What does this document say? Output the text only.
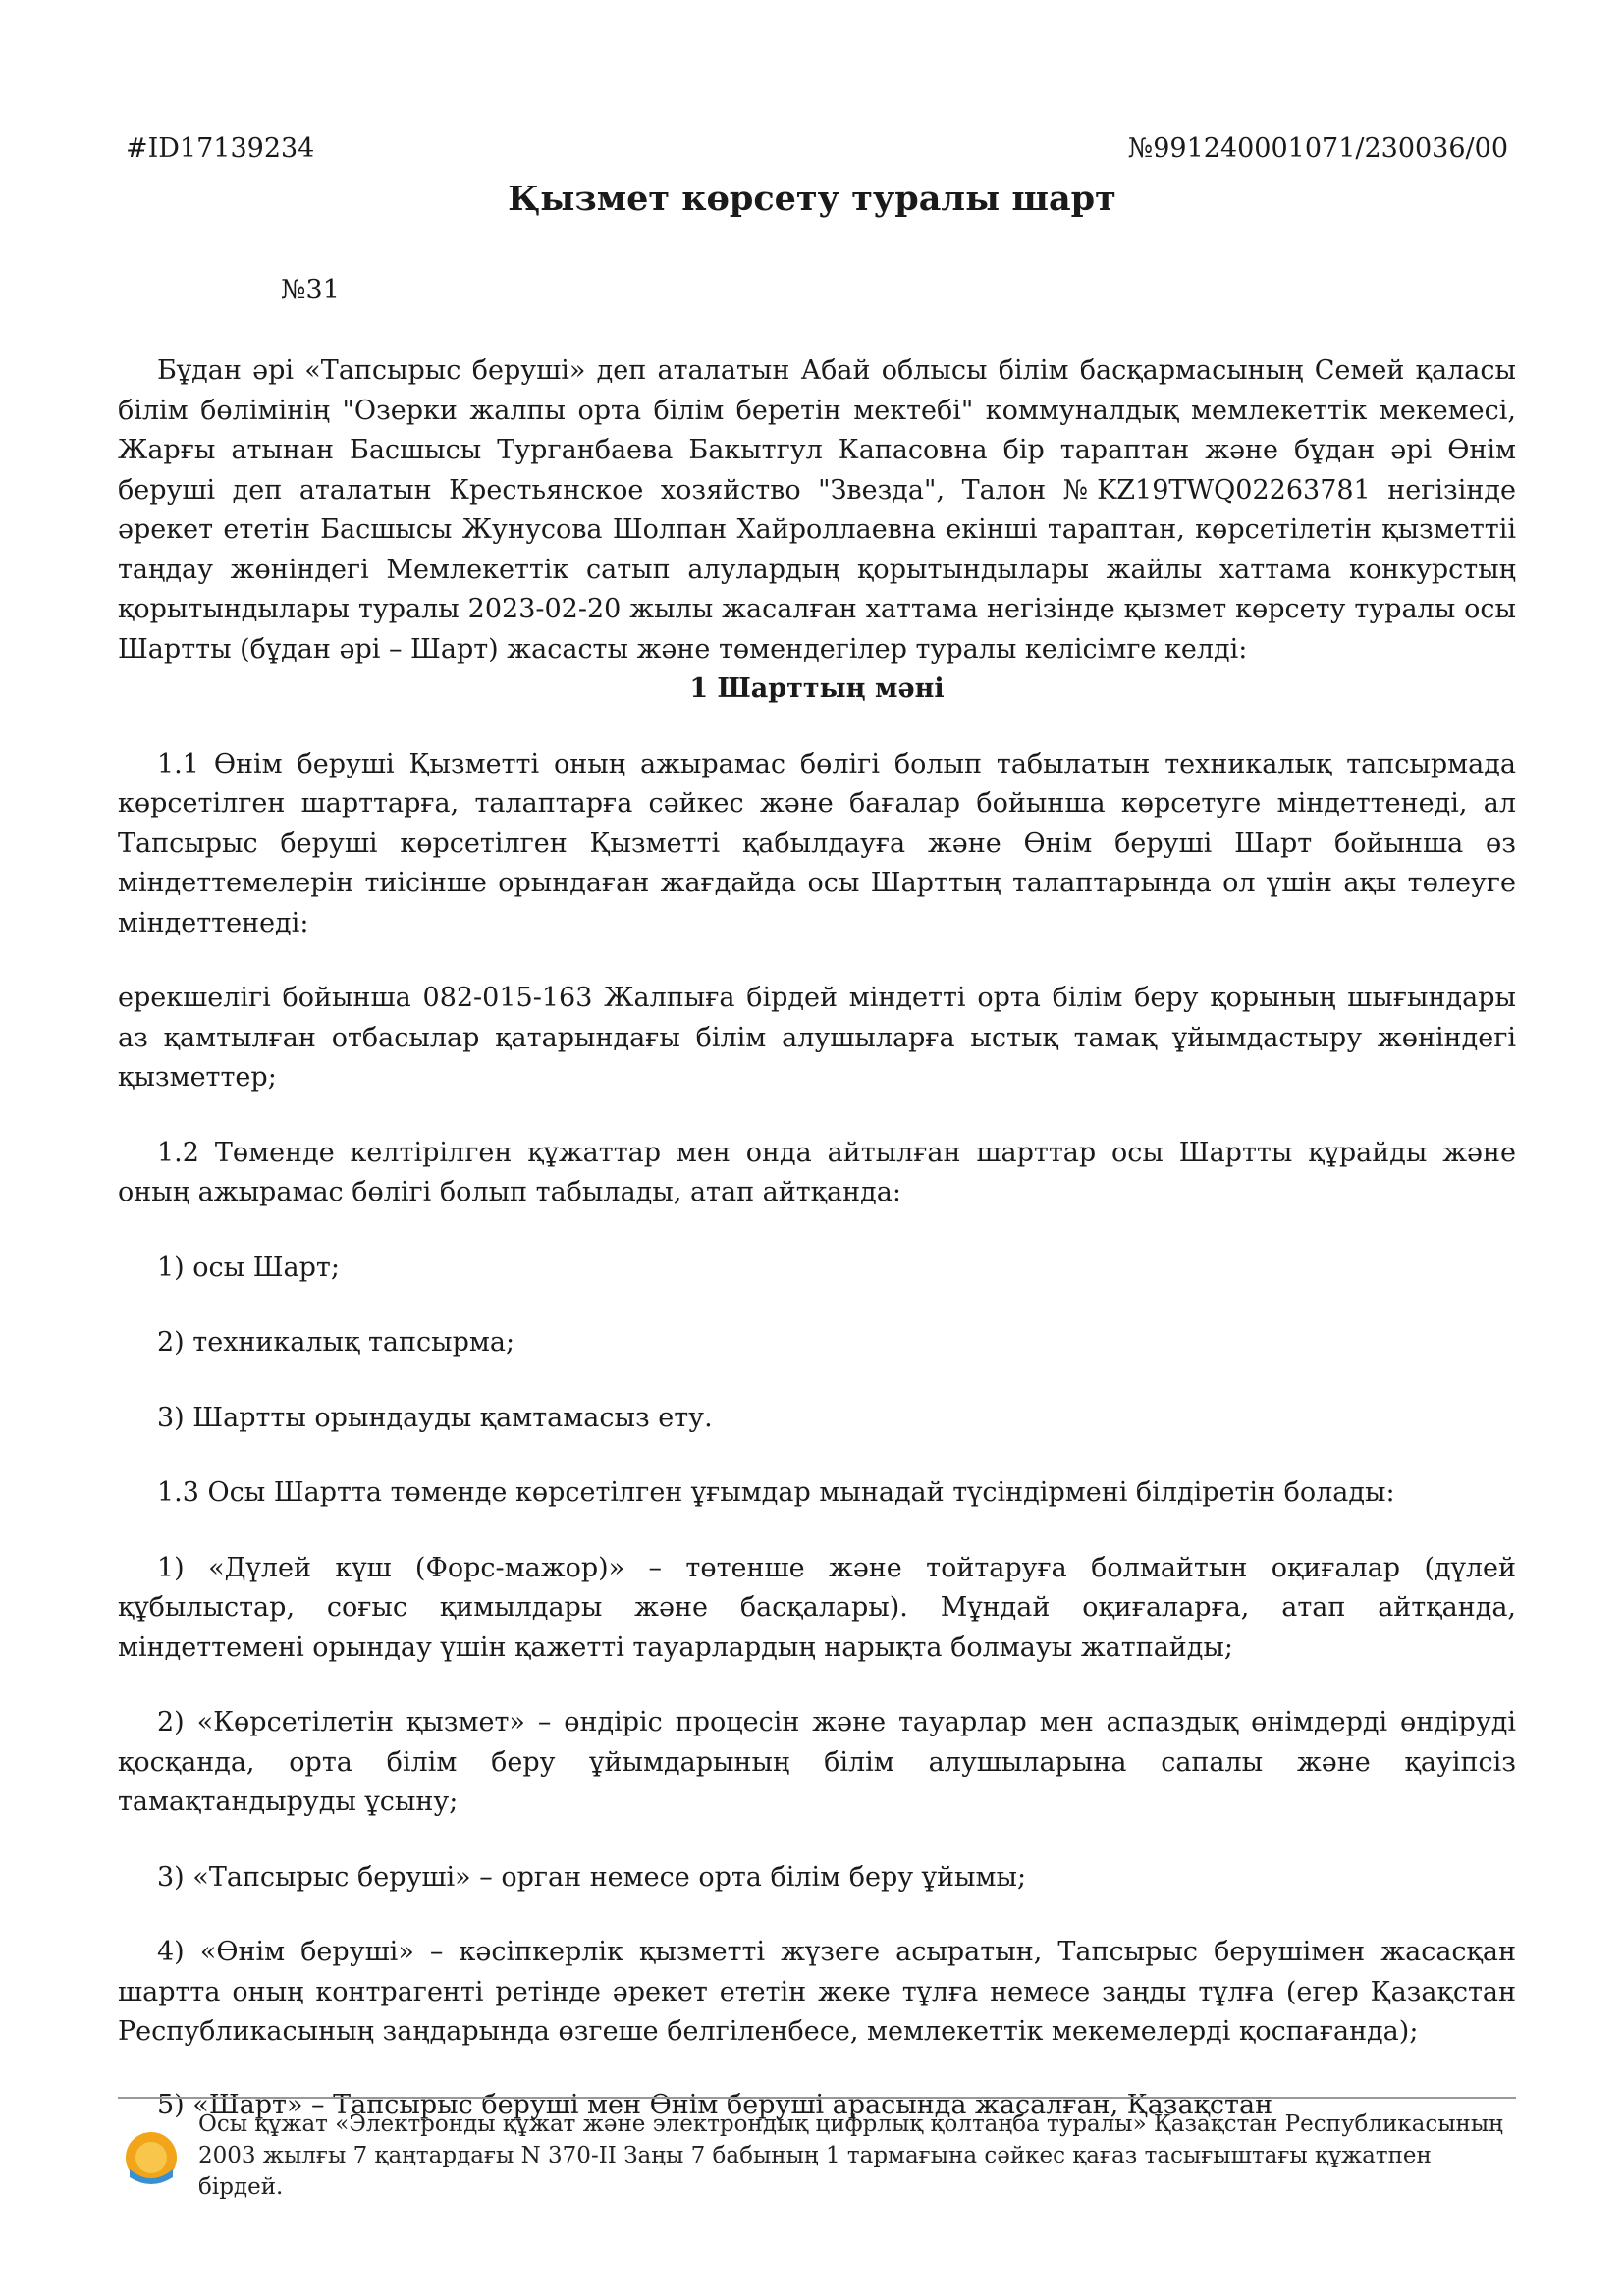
#ID17139234	№991240001071/230036/00
Қызмет көрсету туралы шарт
№31

Бұдан әрі «Тапсырыс беруші» деп аталатын Абай облысы білім басқармасының Семей қаласы білім бөлімінің "Озерки жалпы орта білім беретін мектебі" коммуналдық мемлекеттік мекемесі, Жарғы атынан Басшысы Турганбаева Бакытгул Капасовна бір тараптан және бұдан әрі Өнім беруші деп аталатын Крестьянское хозяйство "Звезда", Талон №KZ19TWQ02263781 негізінде әрекет ететін Басшысы Жунусова Шолпан Хайроллаевна екінші тараптан, көрсетілетін қызметтіі таңдау жөніндегі Мемлекеттік сатып алулардың қорытындылары жайлы хаттама конкурстың қорытындылары туралы 2023-02-20 жылы жасалған хаттама негізінде қызмет көрсету туралы осы Шартты (бұдан әрі – Шарт) жасасты және төмендегілер туралы келісімге келді:

1 Шарттың мәні

1.1 Өнім беруші Қызметті оның ажырамас бөлігі болып табылатын техникалық тапсырмада көрсетілген шарттарға, талаптарға сәйкес және бағалар бойынша көрсетуге міндеттенеді, ал Тапсырыс беруші көрсетілген Қызметті қабылдауға және Өнім беруші Шарт бойынша өз міндеттемелерін тиісінше орындаған жағдайда осы Шарттың талаптарында ол үшін ақы төлеуге міндеттенеді:

ерекшелігі бойынша 082-015-163 Жалпыға бірдей міндетті орта білім беру қорының шығындары аз қамтылған отбасылар қатарындағы білім алушыларға ыстық тамақ ұйымдастыру жөніндегі қызметтер;

1.2 Төменде келтірілген құжаттар мен онда айтылған шарттар осы Шартты құрайды және оның ажырамас бөлігі болып табылады, атап айтқанда:

1) осы Шарт;

2) техникалық тапсырма;

3) Шартты орындауды қамтамасыз ету.

1.3 Осы Шартта төменде көрсетілген ұғымдар мынадай түсіндірмені білдіретін болады:

1) «Дүлей күш (Форс-мажор)» – төтенше және тойтаруға болмайтын оқиғалар (дүлей құбылыстар, соғыс қимылдары және басқалары). Мұндай оқиғаларға, атап айтқанда, міндеттемені орындау үшін қажетті тауарлардың нарықта болмауы жатпайды;

2) «Көрсетілетін қызмет» – өндіріс процесін және тауарлар мен аспаздық өнімдерді өндіруді қосқанда, орта білім беру ұйымдарының білім алушыларына сапалы және қауіпсіз тамақтандыруды ұсыну;

3) «Тапсырыс беруші» – орган немесе орта білім беру ұйымы;

4) «Өнім беруші» – кәсіпкерлік қызметті жүзеге асыратын, Тапсырыс берушімен жасасқан шартта оның контрагенті ретінде әрекет ететін жеке тұлға немесе заңды тұлға (егер Қазақстан Республикасының заңдарында өзгеше белгіленбесе, мемлекеттік мекемелерді қоспағанда);

5) «Шарт» – Тапсырыс беруші мен Өнім беруші арасында жасалған, Қазақстан

Осы құжат «Электронды құжат және электрондық цифрлық қолтаңба туралы» Қазақстан Республикасының 2003 жылғы 7 қаңтардағы N 370-II Заңы 7 бабының 1 тармағына сәйкес қағаз тасығыштағы құжатпен бірдей.
